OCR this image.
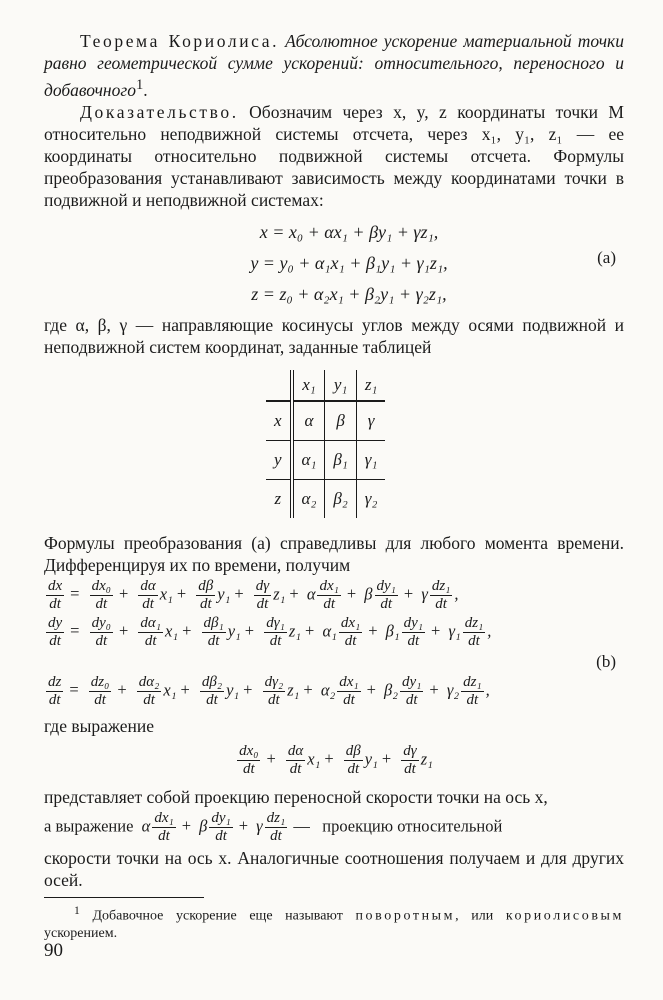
Теорема Кориолиса. Абсолютное ускорение материальной точки равно геометрической сумме ускорений: относительного, переносного и добавочного$^1$.

Доказательство. Обозначим через x, y, z координаты точки M относительно неподвижной системы отсчета, через x₁, y₁, z₁ — ее координаты относительно подвижной системы отсчета. Формулы преобразования устанавливают зависимость между координатами точки в подвижной и неподвижной системах:

x = x₀ + αx₁ + βy₁ + γz₁,
y = y₀ + α₁x₁ + β₁y₁ + γ₁z₁,
z = z₀ + α₂x₁ + β₂y₁ + γ₂z₁,
(a)

где α, β, γ — направляющие косинусы углов между осями подвижной и неподвижной систем координат, заданные таблицей

	x₁	y₁	z₁
x	α	β	γ
y	α₁	β₁	γ₁
z	α₂	β₂	γ₂

Формулы преобразования (a) справедливы для любого момента времени. Дифференцируя их по времени, получим

$\frac{dx}{dt} = \frac{\text{dx₀}}{dt} + \frac{d\alpha}{dt} x_1 + \frac{d\beta}{dt} y_1 + \frac{d\gamma}{dt} z_1 + \alpha \frac{\text{dx₁}}{dt} + \beta \frac{\text{dy₁}}{dt} + \gamma \frac{\text{dz₁}}{dt}$ ,
$\frac{dy}{dt} = \frac{\text{dy₀}}{dt} + \frac{\text{dα₁}}{dt} x_1 + \frac{\text{dβ₁}}{dt} y_1 + \frac{\text{dγ₁}}{dt} z_1 + \alpha_1 \frac{\text{dx₁}}{dt} + \beta_1 \frac{\text{dy₁}}{dt} + \gamma_1 \frac{\text{dz₁}}{dt}$ ,
(b)
$\frac{dz}{dt} = \frac{\text{dz₀}}{dt} + \frac{\text{dα₂}}{dt} x_1 + \frac{\text{dβ₂}}{dt} y_1 + \frac{\text{dγ₂}}{dt} z_1 + \alpha_2 \frac{\text{dx₁}}{dt} + \beta_2 \frac{\text{dy₁}}{dt} + \gamma_2 \frac{\text{dz₁}}{dt}$ ,

где выражение

$\frac{\text{dx₀}}{dt} + \frac{d\alpha}{dt} x_1 + \frac{d\beta}{dt} y_1 + \frac{d\gamma}{dt} z_1$

представляет собой проекцию переносной скорости точки на ось x,

а выражение α $\frac{\text{dx₁}}{dt} + \beta \frac{\text{dy₁}}{dt} + \gamma \frac{\text{dz₁}}{dt}$ —   проекцию относительной

скорости точки на ось x. Аналогичные соотношения получаем и для других осей.

$^1$ Добавочное ускорение еще называют поворотным, или кориолисовым ускорением.

90
